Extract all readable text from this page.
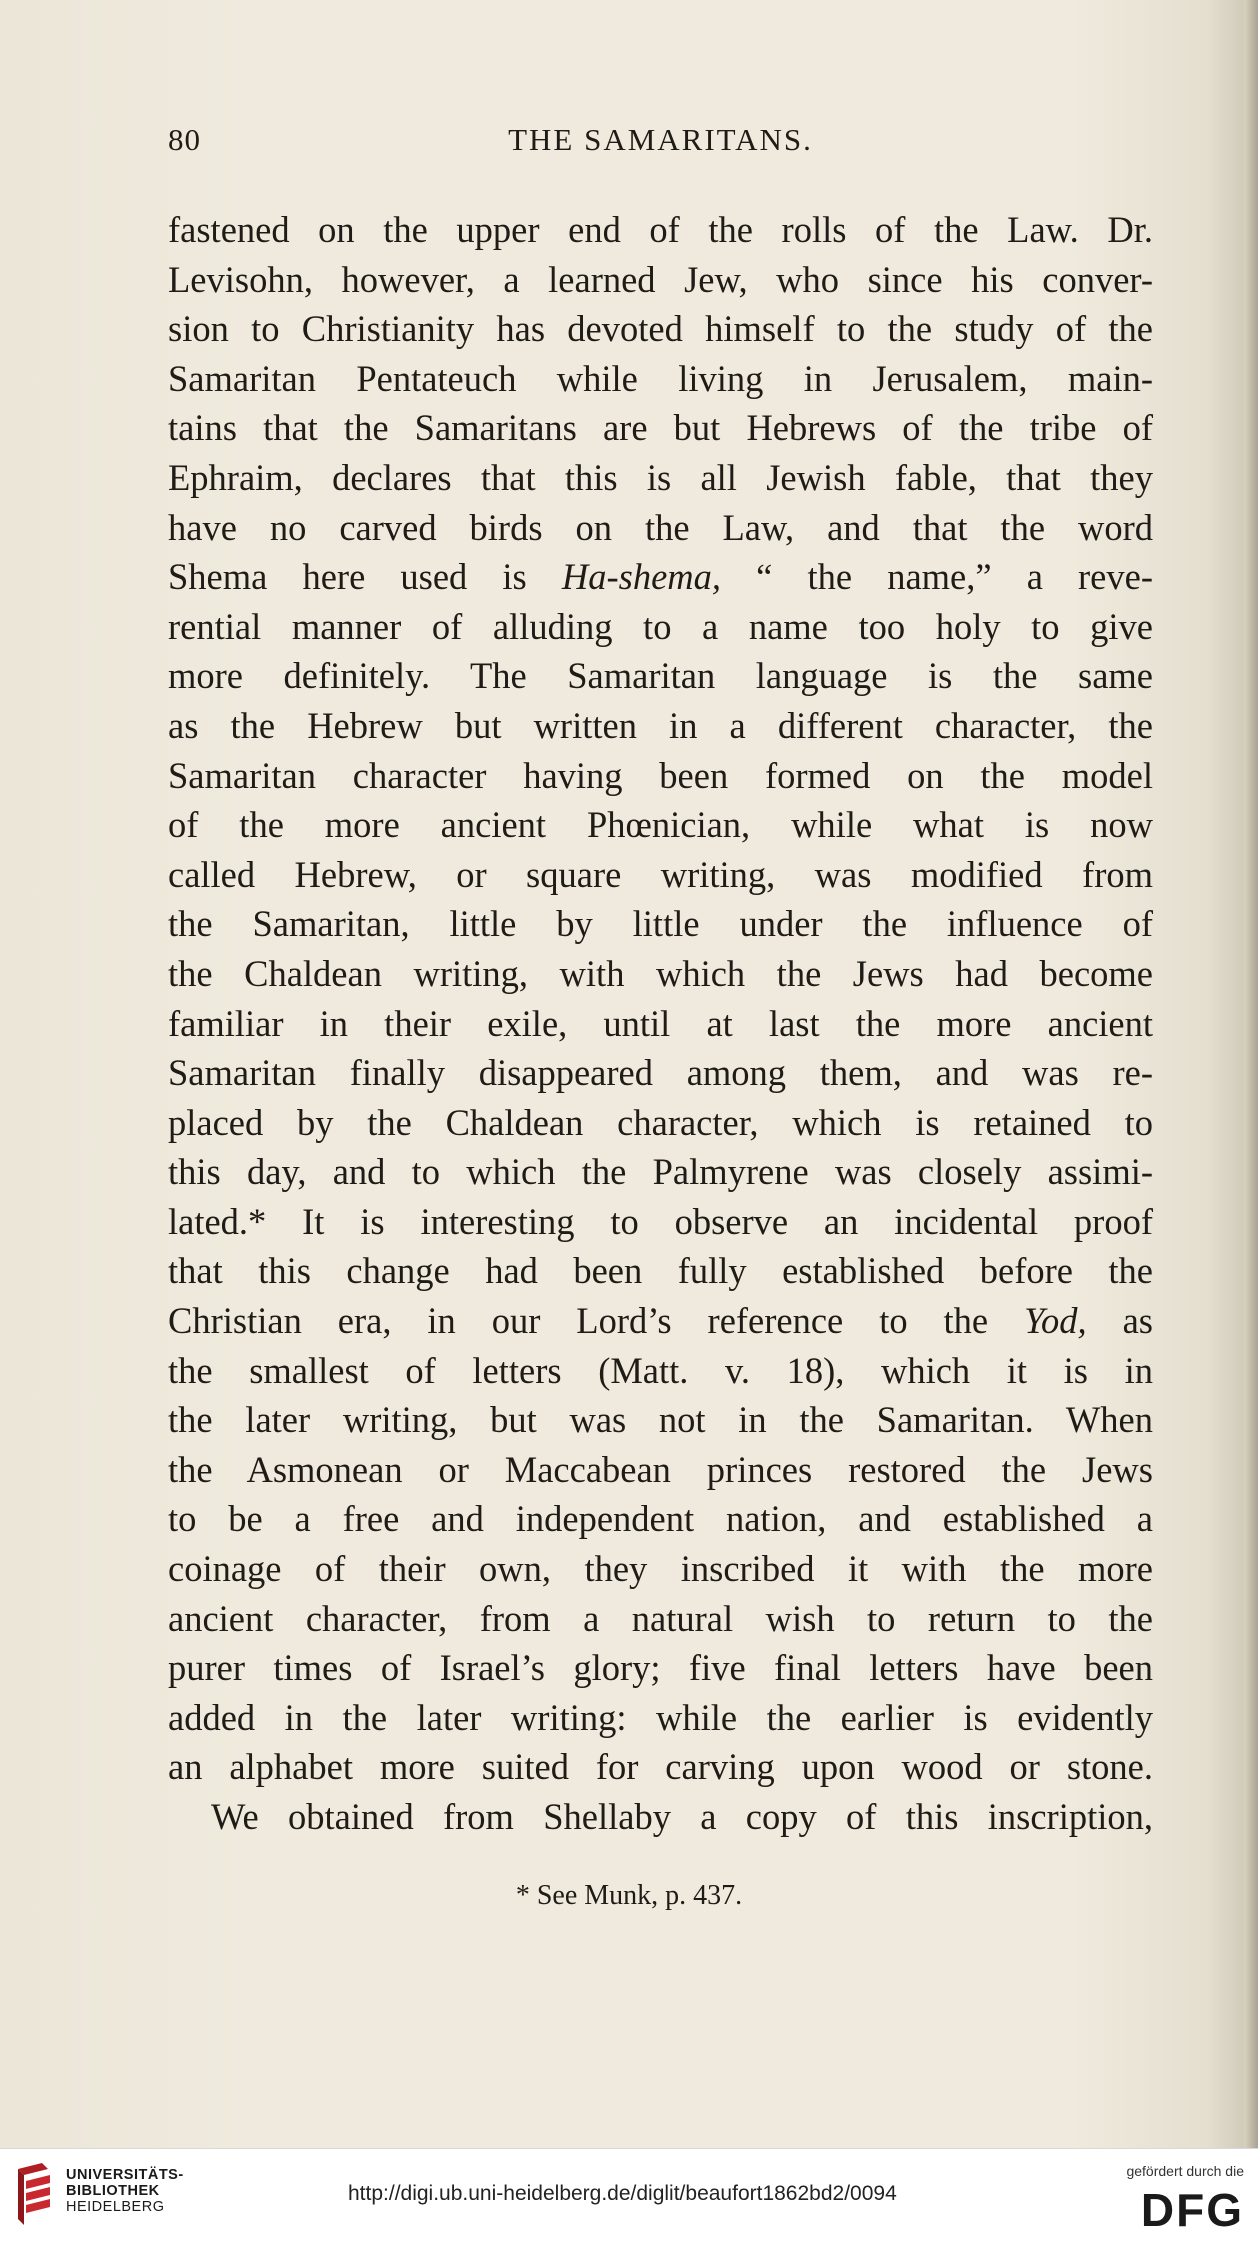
80	THE SAMARITANS.
fastened on the upper end of the rolls of the Law. Dr.
Levisohn, however, a learned Jew, who since his conver-
sion to Christianity has devoted himself to the study of the
Samaritan Pentateuch while living in Jerusalem, main-
tains that the Samaritans are but Hebrews of the tribe of
Ephraim, declares that this is all Jewish fable, that they
have no carved birds on the Law, and that the word
Shema here used is Ha-shema, “ the name,” a reve-
rential manner of alluding to a name too holy to give
more definitely. The Samaritan language is the same
as the Hebrew but written in a different character, the
Samaritan character having been formed on the model
of the more ancient Phœnician, while what is now
called Hebrew, or square writing, was modified from
the Samaritan, little by little under the influence of
the Chaldean writing, with which the Jews had become
familiar in their exile, until at last the more ancient
Samaritan finally disappeared among them, and was re-
placed by the Chaldean character, which is retained to
this day, and to which the Palmyrene was closely assimi-
lated.* It is interesting to observe an incidental proof
that this change had been fully established before the
Christian era, in our Lord’s reference to the Yod, as
the smallest of letters (Matt. v. 18), which it is in
the later writing, but was not in the Samaritan. When
the Asmonean or Maccabean princes restored the Jews
to be a free and independent nation, and established a
coinage of their own, they inscribed it with the more
ancient character, from a natural wish to return to the
purer times of Israel’s glory; five final letters have been
added in the later writing: while the earlier is evidently
an alphabet more suited for carving upon wood or stone.
We obtained from Shellaby a copy of this inscription,
* See Munk, p. 437.
UNIVERSITÄTS-
BIBLIOTHEK
HEIDELBERG
http://digi.ub.uni-heidelberg.de/diglit/beaufort1862bd2/0094
gefördert durch die
DFG
